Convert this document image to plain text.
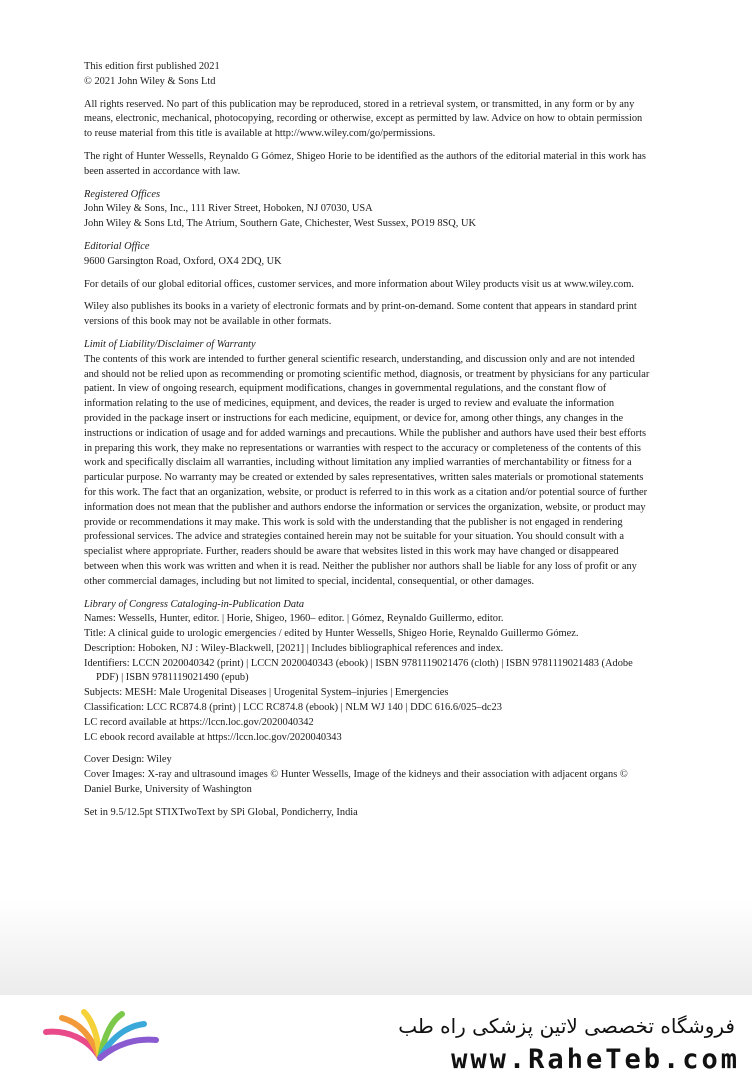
This edition first published 2021
© 2021 John Wiley & Sons Ltd

All rights reserved. No part of this publication may be reproduced, stored in a retrieval system, or transmitted, in any form or by any means, electronic, mechanical, photocopying, recording or otherwise, except as permitted by law. Advice on how to obtain permission to reuse material from this title is available at http://www.wiley.com/go/permissions.

The right of Hunter Wessells, Reynaldo G Gómez, Shigeo Horie to be identified as the authors of the editorial material in this work has been asserted in accordance with law.

Registered Offices
John Wiley & Sons, Inc., 111 River Street, Hoboken, NJ 07030, USA
John Wiley & Sons Ltd, The Atrium, Southern Gate, Chichester, West Sussex, PO19 8SQ, UK

Editorial Office
9600 Garsington Road, Oxford, OX4 2DQ, UK

For details of our global editorial offices, customer services, and more information about Wiley products visit us at www.wiley.com.

Wiley also publishes its books in a variety of electronic formats and by print-on-demand. Some content that appears in standard print versions of this book may not be available in other formats.

Limit of Liability/Disclaimer of Warranty
The contents of this work are intended to further general scientific research, understanding, and discussion only and are not intended and should not be relied upon as recommending or promoting scientific method, diagnosis, or treatment by physicians for any particular patient. In view of ongoing research, equipment modifications, changes in governmental regulations, and the constant flow of information relating to the use of medicines, equipment, and devices, the reader is urged to review and evaluate the information provided in the package insert or instructions for each medicine, equipment, or device for, among other things, any changes in the instructions or indication of usage and for added warnings and precautions. While the publisher and authors have used their best efforts in preparing this work, they make no representations or warranties with respect to the accuracy or completeness of the contents of this work and specifically disclaim all warranties, including without limitation any implied warranties of merchantability or fitness for a particular purpose. No warranty may be created or extended by sales representatives, written sales materials or promotional statements for this work. The fact that an organization, website, or product is referred to in this work as a citation and/or potential source of further information does not mean that the publisher and authors endorse the information or services the organization, website, or product may provide or recommendations it may make. This work is sold with the understanding that the publisher is not engaged in rendering professional services. The advice and strategies contained herein may not be suitable for your situation. You should consult with a specialist where appropriate. Further, readers should be aware that websites listed in this work may have changed or disappeared between when this work was written and when it is read. Neither the publisher nor authors shall be liable for any loss of profit or any other commercial damages, including but not limited to special, incidental, consequential, or other damages.

Library of Congress Cataloging-in-Publication Data
Names: Wessells, Hunter, editor. | Horie, Shigeo, 1960– editor. | Gómez, Reynaldo Guillermo, editor.
Title: A clinical guide to urologic emergencies / edited by Hunter Wessells, Shigeo Horie, Reynaldo Guillermo Gómez.
Description: Hoboken, NJ : Wiley-Blackwell, [2021] | Includes bibliographical references and index.
Identifiers: LCCN 2020040342 (print) | LCCN 2020040343 (ebook) | ISBN 9781119021476 (cloth) | ISBN 9781119021483 (Adobe PDF) | ISBN 9781119021490 (epub)
Subjects: MESH: Male Urogenital Diseases | Urogenital System–injuries | Emergencies
Classification: LCC RC874.8 (print) | LCC RC874.8 (ebook) | NLM WJ 140 | DDC 616.6/025–dc23
LC record available at https://lccn.loc.gov/2020040342
LC ebook record available at https://lccn.loc.gov/2020040343

Cover Design: Wiley
Cover Images: X-ray and ultrasound images © Hunter Wessells, Image of the kidneys and their association with adjacent organs © Daniel Burke, University of Washington

Set in 9.5/12.5pt STIXTwoText by SPi Global, Pondicherry, India

فروشگاه تخصصی لاتین پزشکی راه طب
www.RaheTeb.com
